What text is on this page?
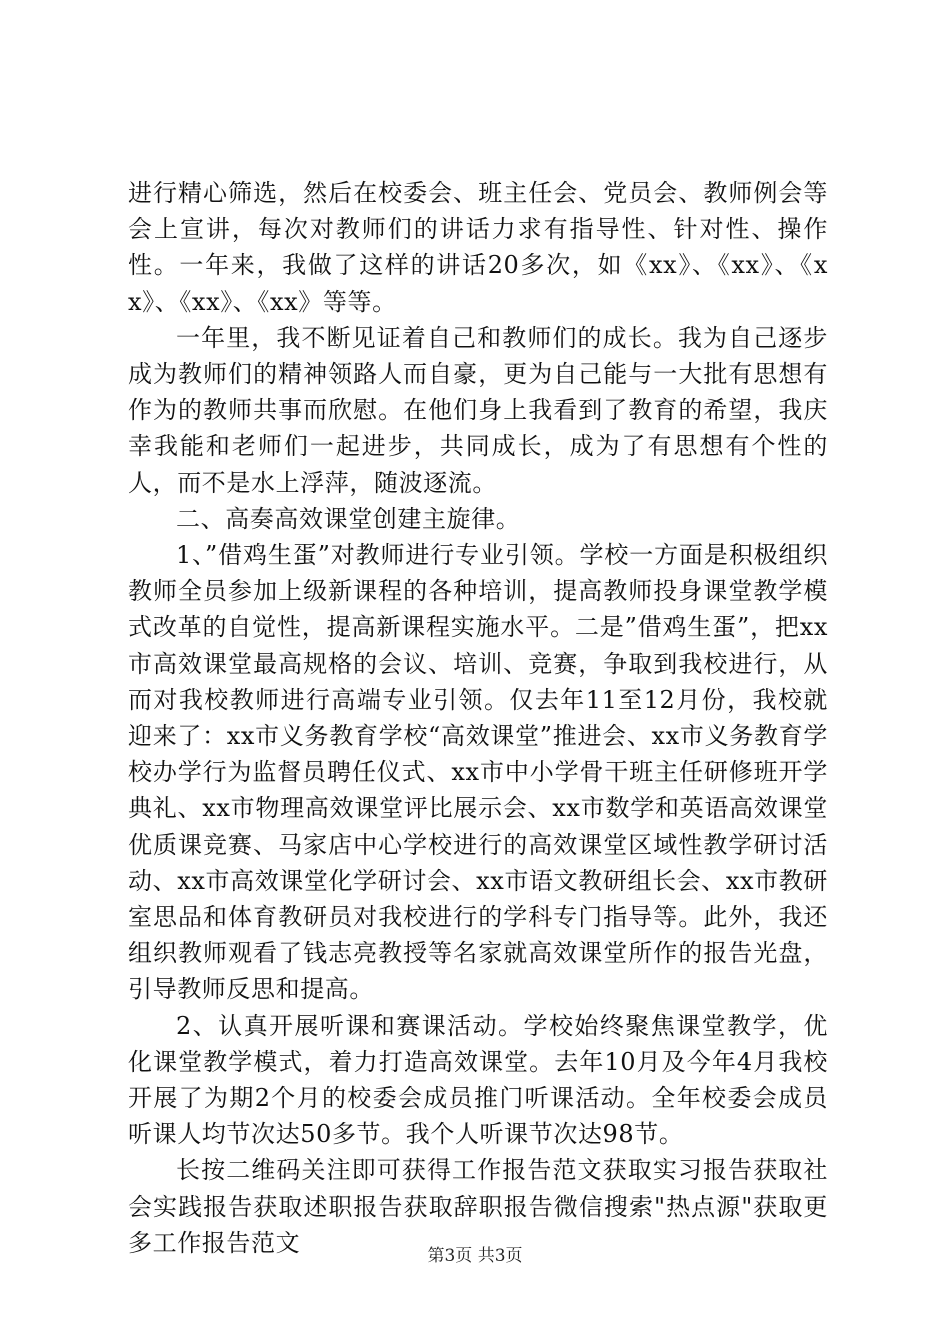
进行精心筛选，然后在校委会、班主任会、党员会、教师例会等会上宣讲，每次对教师们的讲话力求有指导性、针对性、操作性。一年来，我做了这样的讲话20多次，如《xx》、《xx》、《xx》、《xx》、《xx》等等。

一年里，我不断见证着自己和教师们的成长。我为自己逐步成为教师们的精神领路人而自豪，更为自己能与一大批有思想有作为的教师共事而欣慰。在他们身上我看到了教育的希望，我庆幸我能和老师们一起进步，共同成长，成为了有思想有个性的人，而不是水上浮萍，随波逐流。

二、高奏高效课堂创建主旋律。

1、”借鸡生蛋”对教师进行专业引领。学校一方面是积极组织教师全员参加上级新课程的各种培训，提高教师投身课堂教学模式改革的自觉性，提高新课程实施水平。二是”借鸡生蛋”，把xx市高效课堂最高规格的会议、培训、竞赛，争取到我校进行，从而对我校教师进行高端专业引领。仅去年11至12月份，我校就迎来了：xx市义务教育学校“高效课堂”推进会、xx市义务教育学校办学行为监督员聘任仪式、xx市中小学骨干班主任研修班开学典礼、xx市物理高效课堂评比展示会、xx市数学和英语高效课堂优质课竞赛、马家店中心学校进行的高效课堂区域性教学研讨活动、xx市高效课堂化学研讨会、xx市语文教研组长会、xx市教研室思品和体育教研员对我校进行的学科专门指导等。此外，我还组织教师观看了钱志亮教授等名家就高效课堂所作的报告光盘，引导教师反思和提高。

2、认真开展听课和赛课活动。学校始终聚焦课堂教学，优化课堂教学模式，着力打造高效课堂。去年10月及今年4月我校开展了为期2个月的校委会成员推门听课活动。全年校委会成员听课人均节次达50多节。我个人听课节次达98节。

长按二维码关注即可获得工作报告范文获取实习报告获取社会实践报告获取述职报告获取辞职报告微信搜索"热点源"获取更多工作报告范文	第3页 共3页
